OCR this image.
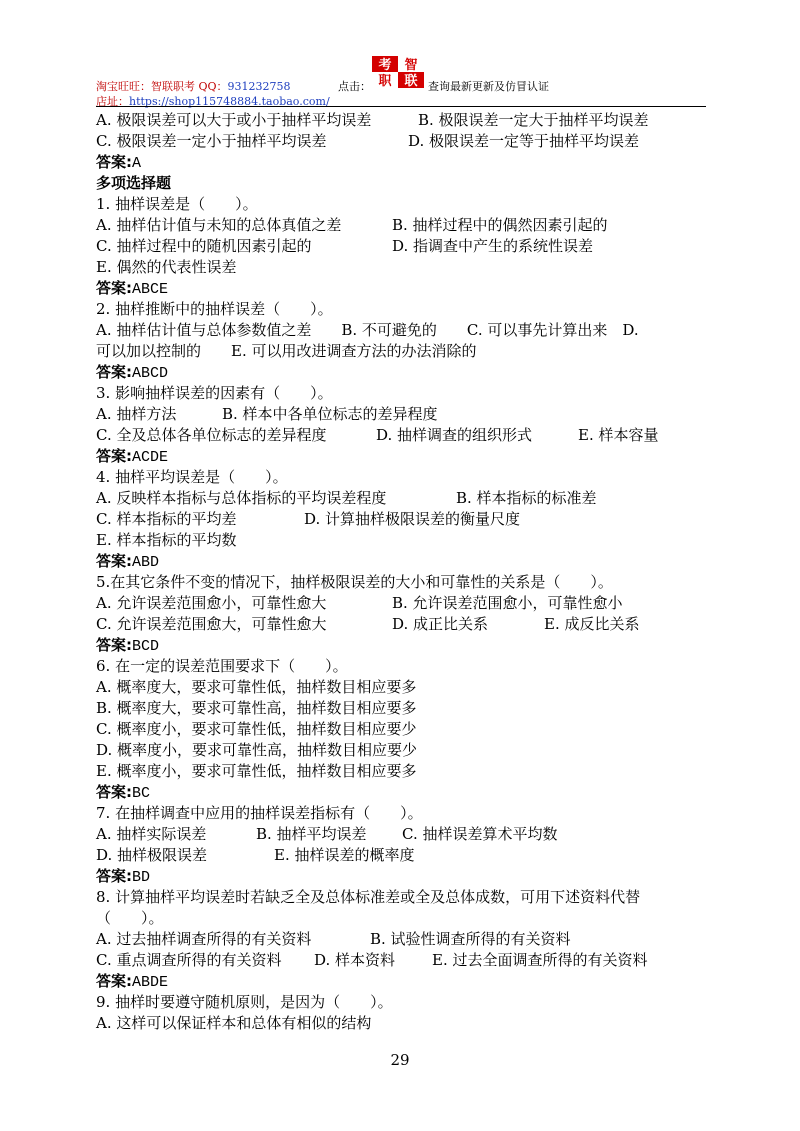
淘宝旺旺：智联职考 QQ：931232758	点击：
考 智
职 联 查询最新更新及仿冒认证
店址：https://shop115748884.taobao.com/
A. 极限误差可以大于或小于抽样平均误差	B. 极限误差一定大于抽样平均误差
C. 极限误差一定小于抽样平均误差	D. 极限误差一定等于抽样平均误差
答案:A
多项选择题
1. 抽样误差是（　　）。
A. 抽样估计值与未知的总体真值之差	B. 抽样过程中的偶然因素引起的
C. 抽样过程中的随机因素引起的	D. 指调查中产生的系统性误差
E. 偶然的代表性误差
答案:ABCE
2. 抽样推断中的抽样误差（　　）。
A. 抽样估计值与总体参数值之差　　B. 不可避免的　　C. 可以事先计算出来　D.
可以加以控制的　　E. 可以用改进调查方法的办法消除的
答案:ABCD
3. 影响抽样误差的因素有（　　）。
A. 抽样方法	B. 样本中各单位标志的差异程度
C. 全及总体各单位标志的差异程度	D. 抽样调查的组织形式	E. 样本容量
答案:ACDE
4. 抽样平均误差是（　　）。
A. 反映样本指标与总体指标的平均误差程度	B. 样本指标的标准差
C. 样本指标的平均差	D. 计算抽样极限误差的衡量尺度
E. 样本指标的平均数
答案:ABD
5.在其它条件不变的情况下，抽样极限误差的大小和可靠性的关系是（　　）。
A. 允许误差范围愈小，可靠性愈大	B. 允许误差范围愈小，可靠性愈小
C. 允许误差范围愈大，可靠性愈大	D. 成正比关系	E. 成反比关系
答案:BCD
6. 在一定的误差范围要求下（　　）。
A. 概率度大，要求可靠性低，抽样数目相应要多
B. 概率度大，要求可靠性高，抽样数目相应要多
C. 概率度小，要求可靠性低，抽样数目相应要少
D. 概率度小，要求可靠性高，抽样数目相应要少
E. 概率度小，要求可靠性低，抽样数目相应要多
答案:BC
7. 在抽样调查中应用的抽样误差指标有（　　）。
A. 抽样实际误差	B. 抽样平均误差 C. 抽样误差算术平均数
D. 抽样极限误差	E. 抽样误差的概率度
答案:BD
8. 计算抽样平均误差时若缺乏全及总体标准差或全及总体成数，可用下述资料代替
（　　）。
A. 过去抽样调查所得的有关资料	B. 试验性调查所得的有关资料
C. 重点调查所得的有关资料 D. 样本资料 E. 过去全面调查所得的有关资料
答案:ABDE
9. 抽样时要遵守随机原则，是因为（　　）。
A. 这样可以保证样本和总体有相似的结构
29
